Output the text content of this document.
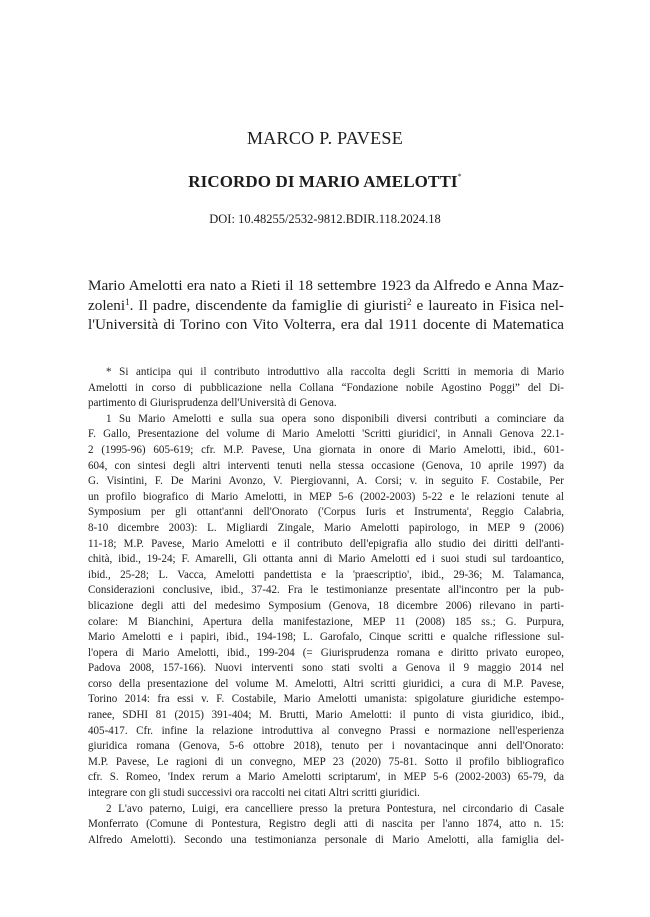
MARCO P. PAVESE
RICORDO DI MARIO AMELOTTI*
DOI: 10.48255/2532-9812.BDIR.118.2024.18
Mario Amelotti era nato a Rieti il 18 settembre 1923 da Alfredo e Anna Maz-
zoleni$^1$. Il padre, discendente da famiglie di giuristi$^2$ e laureato in Fisica nel-
l'Università di Torino con Vito Volterra, era dal 1911 docente di Matematica
* Si anticipa qui il contributo introduttivo alla raccolta degli Scritti in memoria di Mario
Amelotti in corso di pubblicazione nella Collana “Fondazione nobile Agostino Poggi” del Di-
partimento di Giurisprudenza dell'Università di Genova.
1 Su Mario Amelotti e sulla sua opera sono disponibili diversi contributi a cominciare da
F. Gallo, Presentazione del volume di Mario Amelotti 'Scritti giuridici', in Annali Genova 22.1-
2 (1995-96) 605-619; cfr. M.P. Pavese, Una giornata in onore di Mario Amelotti, ibid., 601-
604, con sintesi degli altri interventi tenuti nella stessa occasione (Genova, 10 aprile 1997) da
G. Visintini, F. De Marini Avonzo, V. Piergiovanni, A. Corsi; v. in seguito F. Costabile, Per
un profilo biografico di Mario Amelotti, in MEP 5-6 (2002-2003) 5-22 e le relazioni tenute al
Symposium per gli ottant'anni dell'Onorato ('Corpus Iuris et Instrumenta', Reggio Calabria,
8-10 dicembre 2003): L. Migliardi Zingale, Mario Amelotti papirologo, in MEP 9 (2006)
11-18; M.P. Pavese, Mario Amelotti e il contributo dell'epigrafia allo studio dei diritti dell'anti-
chità, ibid., 19-24; F. Amarelli, Gli ottanta anni di Mario Amelotti ed i suoi studi sul tardoantico,
ibid., 25-28; L. Vacca, Amelotti pandettista e la 'praescriptio', ibid., 29-36; M. Talamanca,
Considerazioni conclusive, ibid., 37-42. Fra le testimonianze presentate all'incontro per la pub-
blicazione degli atti del medesimo Symposium (Genova, 18 dicembre 2006) rilevano in parti-
colare: M Bianchini, Apertura della manifestazione, MEP 11 (2008) 185 ss.; G. Purpura,
Mario Amelotti e i papiri, ibid., 194-198; L. Garofalo, Cinque scritti e qualche riflessione sul-
l'opera di Mario Amelotti, ibid., 199-204 (= Giurisprudenza romana e diritto privato europeo,
Padova 2008, 157-166). Nuovi interventi sono stati svolti a Genova il 9 maggio 2014 nel
corso della presentazione del volume M. Amelotti, Altri scritti giuridici, a cura di M.P. Pavese,
Torino 2014: fra essi v. F. Costabile, Mario Amelotti umanista: spigolature giuridiche estempo-
ranee, SDHI 81 (2015) 391-404; M. Brutti, Mario Amelotti: il punto di vista giuridico, ibid.,
405-417. Cfr. infine la relazione introduttiva al convegno Prassi e normazione nell'esperienza
giuridica romana (Genova, 5-6 ottobre 2018), tenuto per i novantacinque anni dell'Onorato:
M.P. Pavese, Le ragioni di un convegno, MEP 23 (2020) 75-81. Sotto il profilo bibliografico
cfr. S. Romeo, 'Index rerum a Mario Amelotti scriptarum', in MEP 5-6 (2002-2003) 65-79, da
integrare con gli studi successivi ora raccolti nei citati Altri scritti giuridici.
2 L'avo paterno, Luigi, era cancelliere presso la pretura Pontestura, nel circondario di Casale
Monferrato (Comune di Pontestura, Registro degli atti di nascita per l'anno 1874, atto n. 15:
Alfredo Amelotti). Secondo una testimonianza personale di Mario Amelotti, alla famiglia del-
